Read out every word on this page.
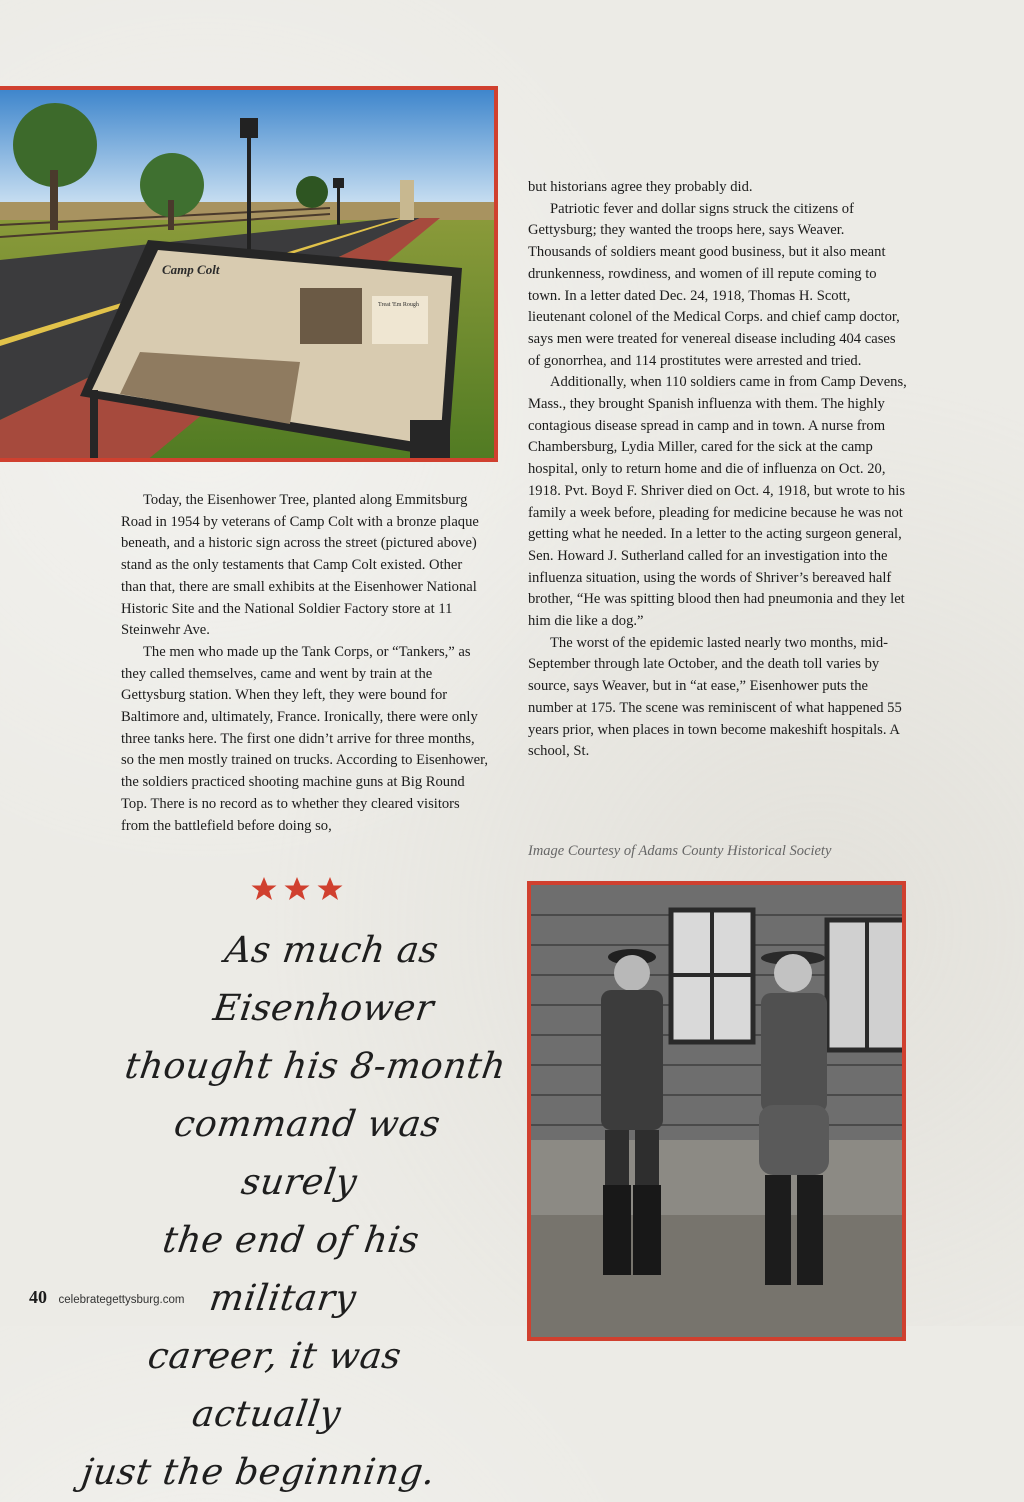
Camp Colt
Treat 'Em Rough

Today, the Eisenhower Tree, planted along Emmitsburg Road in 1954 by veterans of Camp Colt with a bronze plaque beneath, and a historic sign across the street (pictured above) stand as the only testaments that Camp Colt existed. Other than that, there are small exhibits at the Eisenhower National Historic Site and the National Soldier Factory store at 11 Steinwehr Ave.

The men who made up the Tank Corps, or “Tankers,” as they called themselves, came and went by train at the Gettysburg station. When they left, they were bound for Baltimore and, ultimately, France. Ironically, there were only three tanks here. The first one didn’t arrive for three months, so the men mostly trained on trucks. According to Eisenhower, the soldiers practiced shooting machine guns at Big Round Top. There is no record as to whether they cleared visitors from the battlefield before doing so,

but historians agree they probably did.

Patriotic fever and dollar signs struck the citizens of Gettysburg; they wanted the troops here, says Weaver. Thousands of soldiers meant good business, but it also meant drunkenness, rowdiness, and women of ill repute coming to town. In a letter dated Dec. 24, 1918, Thomas H. Scott, lieutenant colonel of the Medical Corps. and chief camp doctor, says men were treated for venereal disease including 404 cases of gonorrhea, and 114 prostitutes were arrested and tried.

Additionally, when 110 soldiers came in from Camp Devens, Mass., they brought Spanish influenza with them. The highly contagious disease spread in camp and in town. A nurse from Chambersburg, Lydia Miller, cared for the sick at the camp hospital, only to return home and die of influenza on Oct. 20, 1918. Pvt. Boyd F. Shriver died on Oct. 4, 1918, but wrote to his family a week before, pleading for medicine because he was not getting what he needed. In a letter to the acting surgeon general, Sen. Howard J. Sutherland called for an investigation into the influenza situation, using the words of Shriver’s bereaved half brother, “He was spitting blood then had pneumonia and they let him die like a dog.”

The worst of the epidemic lasted nearly two months, mid-September through late October, and the death toll varies by source, says Weaver, but in “at ease,” Eisenhower puts the number at 175. The scene was reminiscent of what happened 55 years prior, when places in town become makeshift hospitals. A school, St.

Image Courtesy of Adams County Historical Society
As much as Eisenhower
thought his 8-month
command was surely
the end of his military
career, it was actually
just the beginning.
40 celebrategettysburg.com
